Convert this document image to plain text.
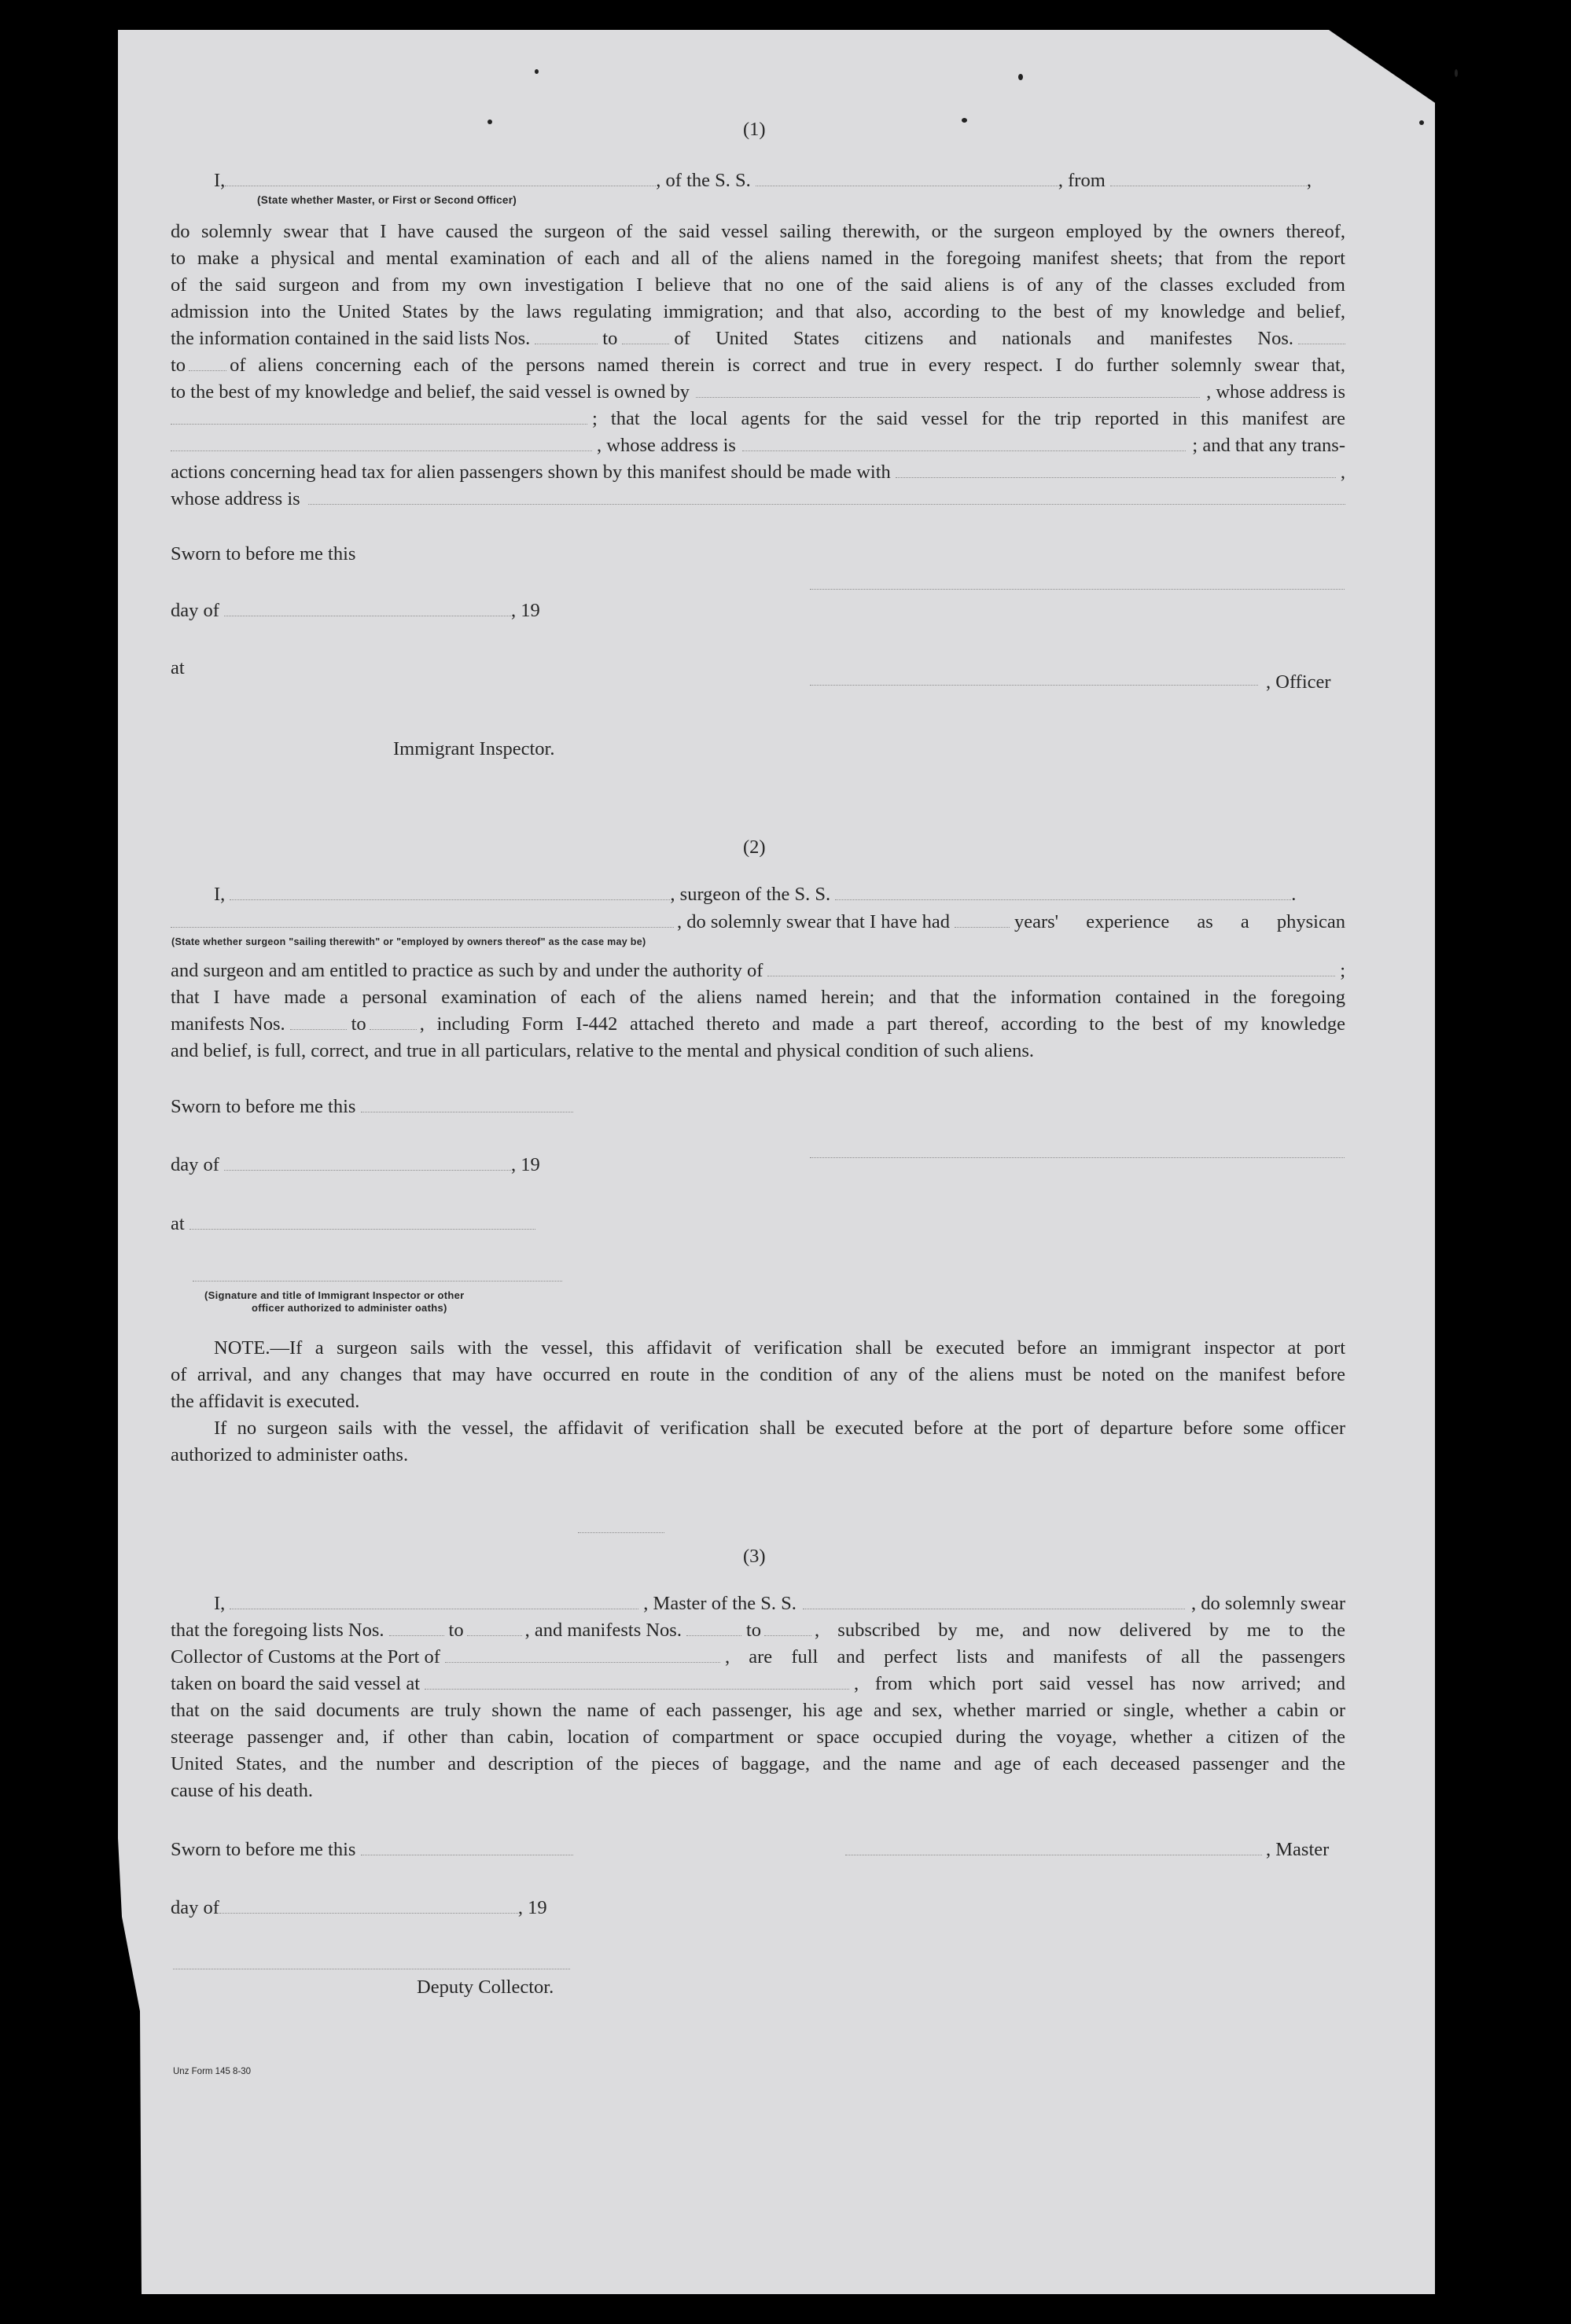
(1)
I,	, of the S. S.	, from	,
(State whether Master, or First or Second Officer)
do solemnly swear that I have caused the surgeon of the said vessel sailing therewith, or the surgeon employed by the owners thereof,
to make a physical and mental examination of each and all of the aliens named in the foregoing manifest sheets; that from the report
of the said surgeon and from my own investigation I believe that no one of the said aliens is of any of the classes excluded from
admission into the United States by the laws regulating immigration; and that also, according to the best of my knowledge and belief,
the information contained in the said lists Nos.	to	of United States citizens and nationals and manifestes Nos.
to of aliens concerning each of the persons named therein is correct and true in every respect. I do further solemnly swear that,
to the best of my knowledge and belief, the said vessel is owned by	, whose address is
; that the local agents for the said vessel for the trip reported in this manifest are
, whose address is	; and that any trans-
actions concerning head tax for alien passengers shown by this manifest should be made with	,
whose address is
Sworn to before me this
day of	, 19
at
, Officer
Immigrant Inspector.
(2)
I,	, surgeon of the S. S.	.
, do solemnly swear that I have had	years' experience as a physican
(State whether surgeon "sailing therewith" or "employed by owners thereof" as the case may be)
and surgeon and am entitled to practice as such by and under the authority of	;
that I have made a personal examination of each of the aliens named herein; and that the information contained in the foregoing
manifests Nos.	to	, including Form I-442 attached thereto and made a part thereof, according to the best of my knowledge
and belief, is full, correct, and true in all particulars, relative to the mental and physical condition of such aliens.
Sworn to before me this
day of	, 19
at
(Signature and title of Immigrant Inspector or other
officer authorized to administer oaths)
NOTE.—If a surgeon sails with the vessel, this affidavit of verification shall be executed before an immigrant inspector at port
of arrival, and any changes that may have occurred en route in the condition of any of the aliens must be noted on the manifest before
the affidavit is executed.
If no surgeon sails with the vessel, the affidavit of verification shall be executed before at the port of departure before some officer
authorized to administer oaths.
(3)
I,	, Master of the S. S.	, do solemnly swear
that the foregoing lists Nos.	to	, and manifests Nos.	to	, subscribed by me, and now delivered by me to the
Collector of Customs at the Port of	, are full and perfect lists and manifests of all the passengers
taken on board the said vessel at	, from which port said vessel has now arrived; and
that on the said documents are truly shown the name of each passenger, his age and sex, whether married or single, whether a cabin or
steerage passenger and, if other than cabin, location of compartment or space occupied during the voyage, whether a citizen of the
United States, and the number and description of the pieces of baggage, and the name and age of each deceased passenger and the
cause of his death.
Sworn to before me this	, Master
day of	, 19
Deputy Collector.
Unz Form 145 8-30
